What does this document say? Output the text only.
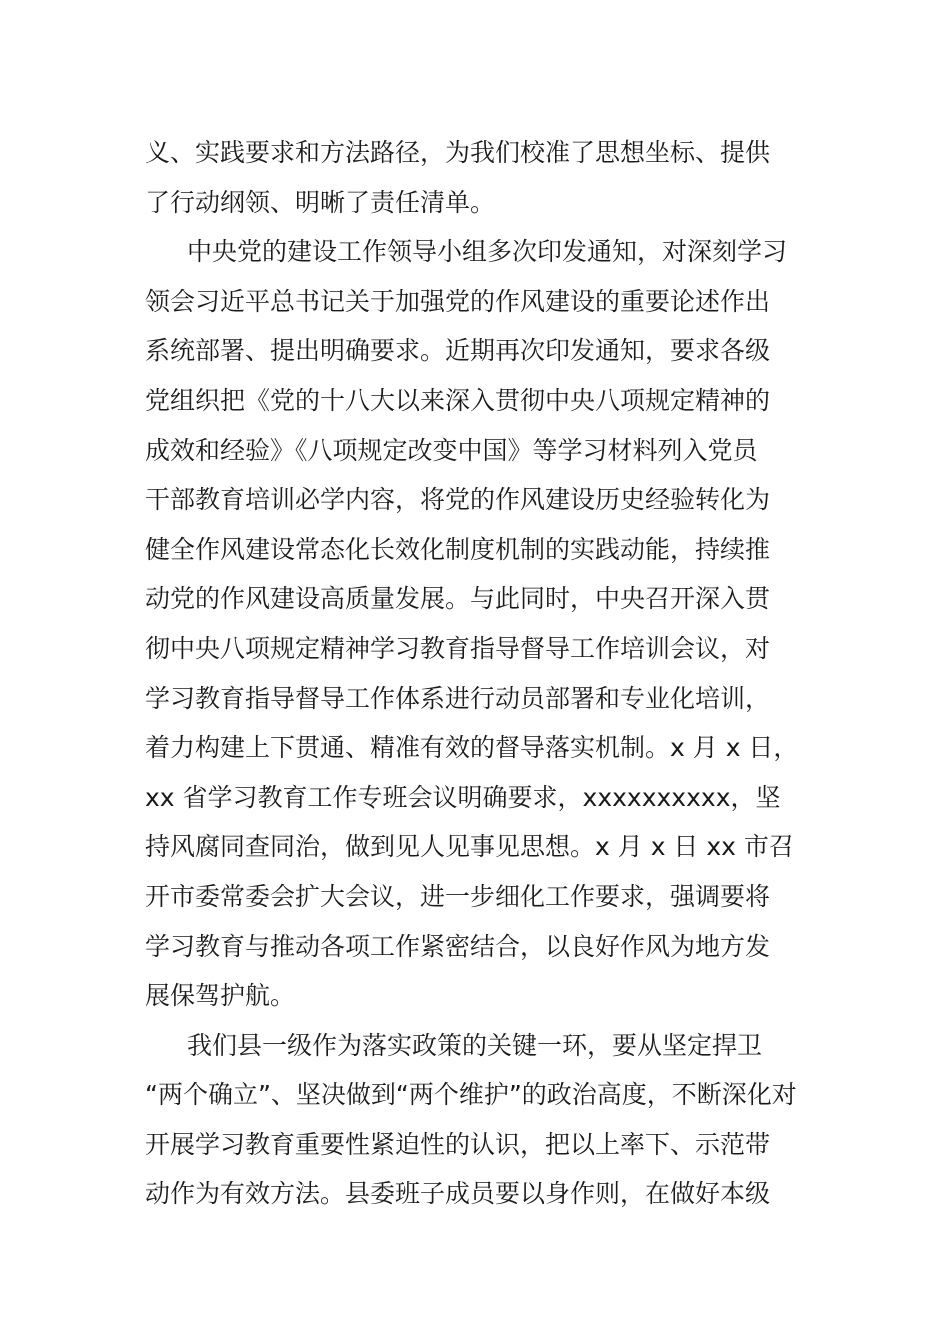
义、实践要求和方法路径，为我们校准了思想坐标、提供
了行动纲领、明晰了责任清单。
中央党的建设工作领导小组多次印发通知，对深刻学习
领会习近平总书记关于加强党的作风建设的重要论述作出
系统部署、提出明确要求。近期再次印发通知，要求各级
党组织把《党的十八大以来深入贯彻中央八项规定精神的
成效和经验》《八项规定改变中国》等学习材料列入党员
干部教育培训必学内容，将党的作风建设历史经验转化为
健全作风建设常态化长效化制度机制的实践动能，持续推
动党的作风建设高质量发展。与此同时，中央召开深入贯
彻中央八项规定精神学习教育指导督导工作培训会议，对
学习教育指导督导工作体系进行动员部署和专业化培训，
着力构建上下贯通、精准有效的督导落实机制。x 月 x 日，
xx 省学习教育工作专班会议明确要求，xxxxxxxxxx，坚
持风腐同查同治，做到见人见事见思想。x 月 x 日 xx 市召
开市委常委会扩大会议，进一步细化工作要求，强调要将
学习教育与推动各项工作紧密结合，以良好作风为地方发
展保驾护航。
我们县一级作为落实政策的关键一环，要从坚定捍卫
“两个确立”、坚决做到“两个维护”的政治高度，不断深化对
开展学习教育重要性紧迫性的认识，把以上率下、示范带
动作为有效方法。县委班子成员要以身作则，在做好本级
